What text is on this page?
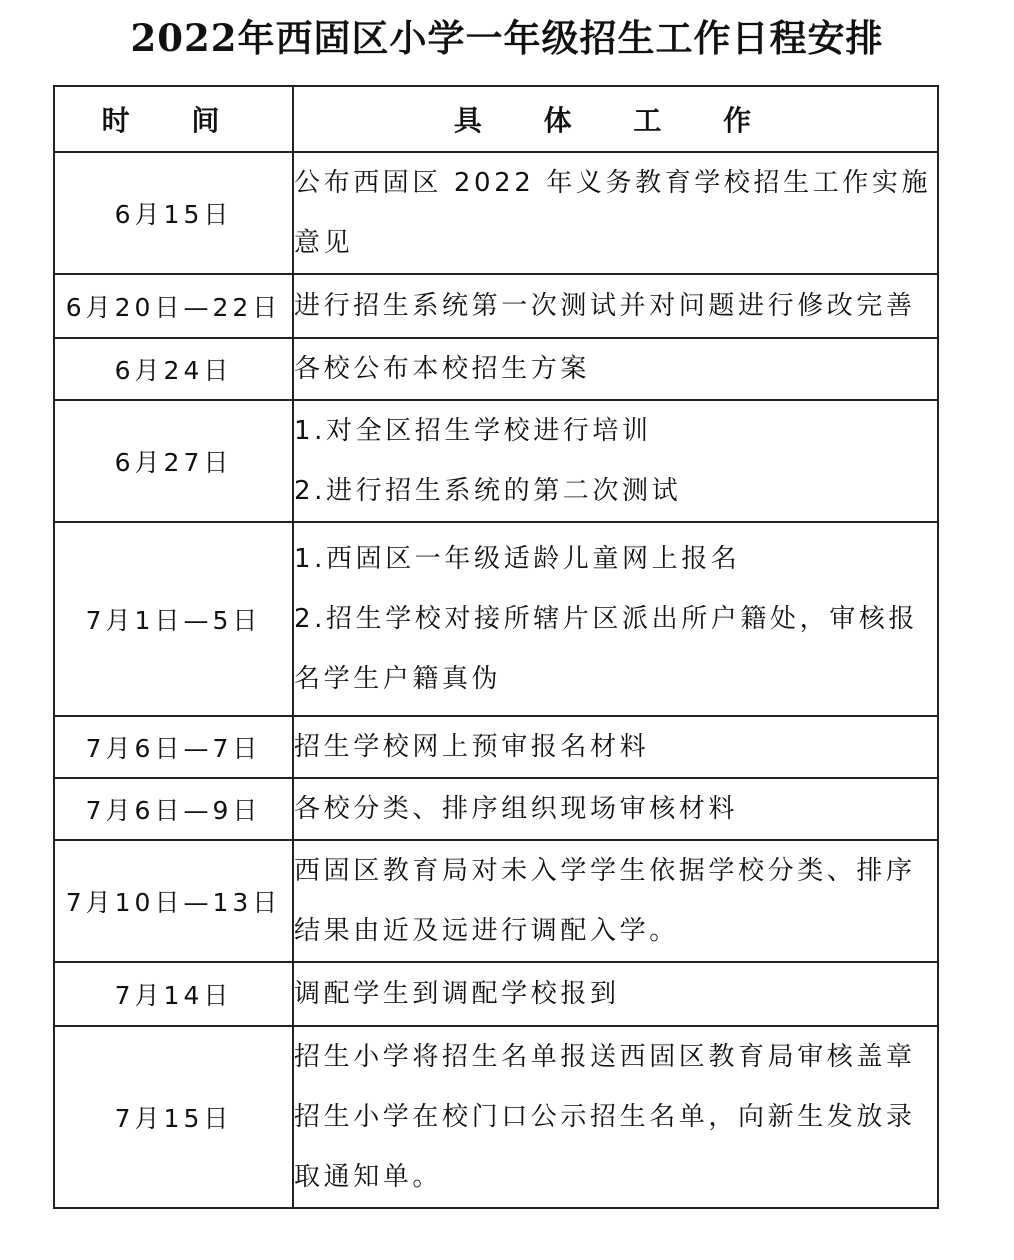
2022年西固区小学一年级招生工作日程安排
时 间	具 体 工 作
6月15日	公布西固区 2022 年义务教育学校招生工作实施
意见

6月20日—22日	进行招生系统第一次测试并对问题进行修改完善

6月24日	各校公布本校招生方案

6月27日	1.对全区招生学校进行培训
2.进行招生系统的第二次测试

7月1日—5日	1.西固区一年级适龄儿童网上报名
2.招生学校对接所辖片区派出所户籍处，审核报
名学生户籍真伪

7月6日—7日	招生学校网上预审报名材料

7月6日—9日	各校分类、排序组织现场审核材料

7月10日—13日	西固区教育局对未入学学生依据学校分类、排序
结果由近及远进行调配入学。

7月14日	调配学生到调配学校报到

7月15日	招生小学将招生名单报送西固区教育局审核盖章
招生小学在校门口公示招生名单，向新生发放录
取通知单。
